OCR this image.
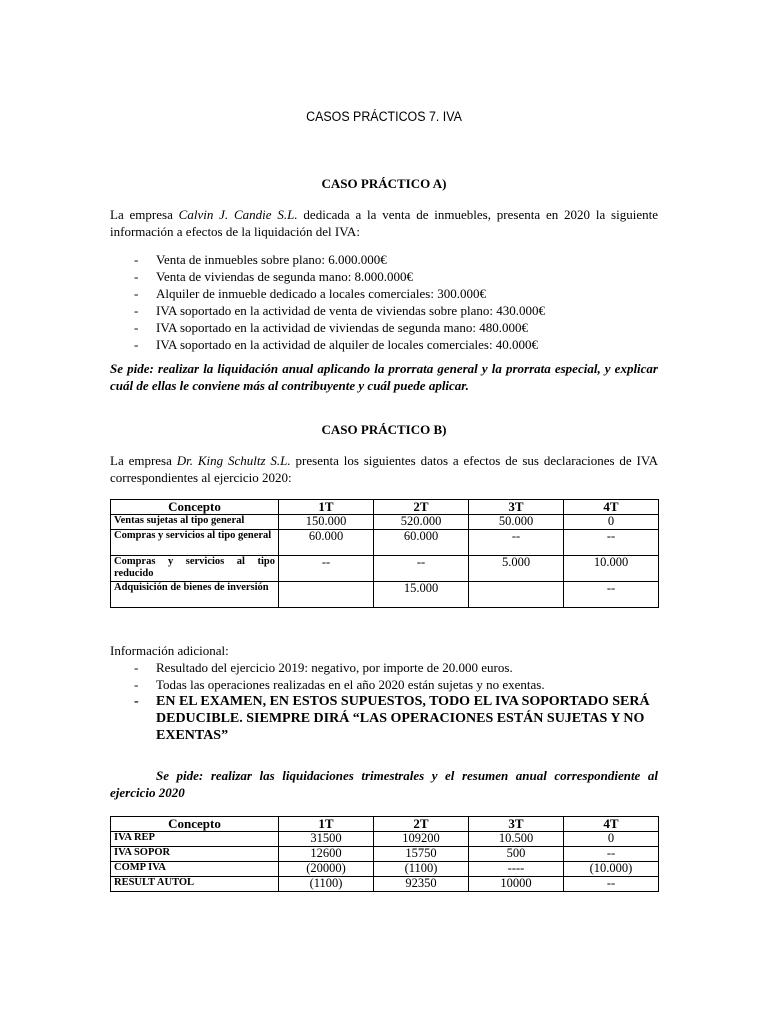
CASOS PRÁCTICOS 7. IVA
CASO PRÁCTICO A)
La empresa Calvin J. Candie S.L. dedicada a la venta de inmuebles, presenta en 2020 la siguiente información a efectos de la liquidación del IVA:
- Venta de inmuebles sobre plano: 6.000.000€
- Venta de viviendas de segunda mano: 8.000.000€
- Alquiler de inmueble dedicado a locales comerciales: 300.000€
- IVA soportado en la actividad de venta de viviendas sobre plano: 430.000€
- IVA soportado en la actividad de viviendas de segunda mano: 480.000€
- IVA soportado en la actividad de alquiler de locales comerciales: 40.000€
Se pide: realizar la liquidación anual aplicando la prorrata general y la prorrata especial, y explicar cuál de ellas le conviene más al contribuyente y cuál puede aplicar.
CASO PRÁCTICO B)
La empresa Dr. King Schultz S.L. presenta los siguientes datos a efectos de sus declaraciones de IVA correspondientes al ejercicio 2020:
Concepto	1T	2T	3T	4T
Ventas sujetas al tipo general	150.000	520.000	50.000	0
Compras y servicios al tipo general	60.000	60.000	--	--
Compras y servicios al tipo reducido	--	--	5.000	10.000
Adquisición de bienes de inversión		15.000		--
Información adicional:
- Resultado del ejercicio 2019: negativo, por importe de 20.000 euros.
- Todas las operaciones realizadas en el año 2020 están sujetas y no exentas.
- EN EL EXAMEN, EN ESTOS SUPUESTOS, TODO EL IVA SOPORTADO SERÁ DEDUCIBLE. SIEMPRE DIRÁ “LAS OPERACIONES ESTÁN SUJETAS Y NO EXENTAS”
Se pide: realizar las liquidaciones trimestrales y el resumen anual correspondiente al ejercicio 2020
Concepto	1T	2T	3T	4T
IVA REP	31500	109200	10.500	0
IVA SOPOR	12600	15750	500	--
COMP IVA	(20000)	(1100)	----	(10.000)
RESULT AUTOL	(1100)	92350	10000	--
